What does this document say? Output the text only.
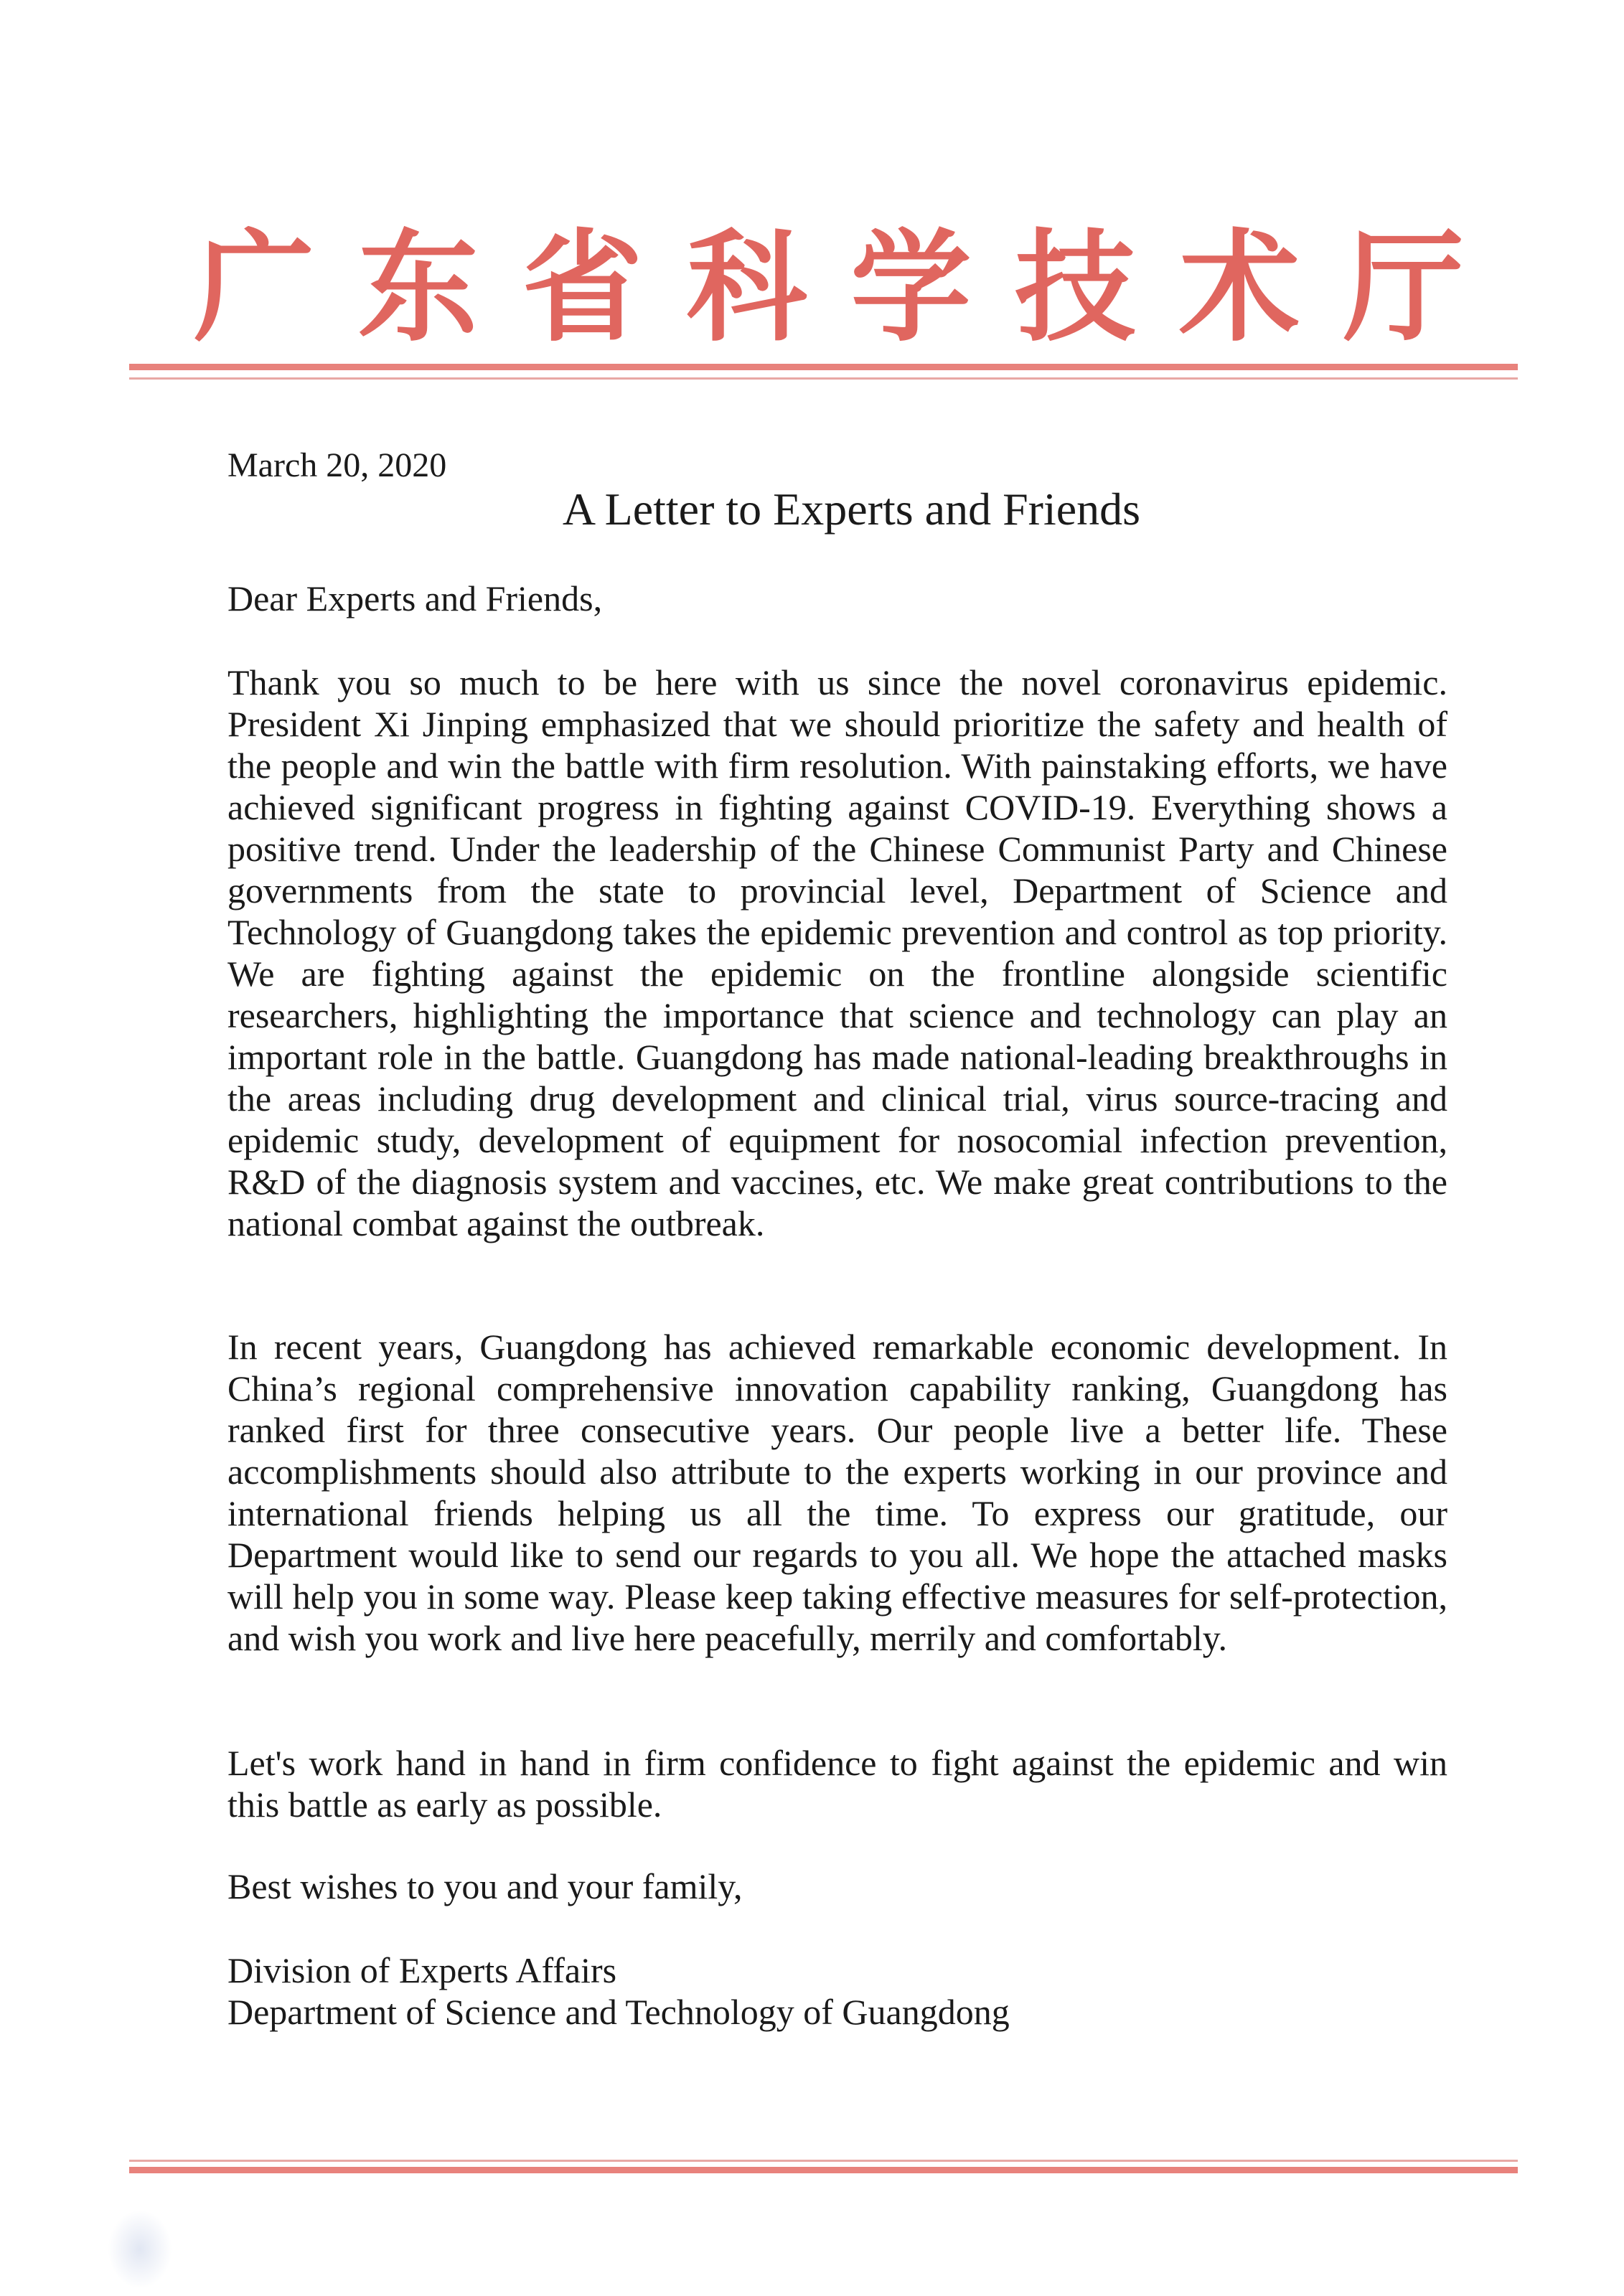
广 东 省 科 学 技 术 厅
March 20, 2020
A Letter to Experts and Friends
Dear Experts and Friends,
Thank you so much to be here with us since the novel coronavirus epidemic. President Xi Jinping emphasized that we should prioritize the safety and health of the people and win the battle with firm resolution. With painstaking efforts, we have achieved significant progress in fighting against COVID-19. Everything shows a positive trend. Under the leadership of the Chinese Communist Party and Chinese governments from the state to provincial level, Department of Science and Technology of Guangdong takes the epidemic prevention and control as top priority. We are fighting against the epidemic on the frontline alongside scientific researchers, highlighting the importance that science and technology can play an important role in the battle. Guangdong has made national-leading breakthroughs in the areas including drug development and clinical trial, virus source-tracing and epidemic study, development of equipment for nosocomial infection prevention, R&D of the diagnosis system and vaccines, etc. We make great contributions to the national combat against the outbreak.
In recent years, Guangdong has achieved remarkable economic development. In China’s regional comprehensive innovation capability ranking, Guangdong has ranked first for three consecutive years. Our people live a better life. These accomplishments should also attribute to the experts working in our province and international friends helping us all the time. To express our gratitude, our Department would like to send our regards to you all. We hope the attached masks will help you in some way. Please keep taking effective measures for self-protection, and wish you work and live here peacefully, merrily and comfortably.
Let's work hand in hand in firm confidence to fight against the epidemic and win this battle as early as possible.
Best wishes to you and your family,
Division of Experts Affairs
Department of Science and Technology of Guangdong
